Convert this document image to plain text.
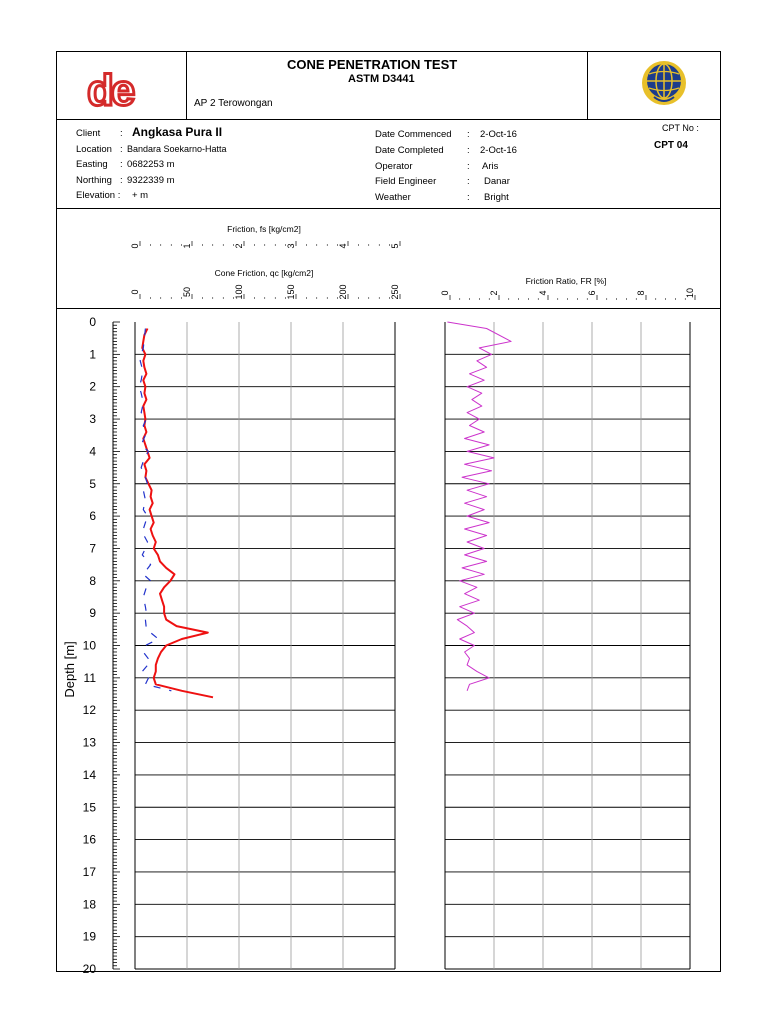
de
CONE PENETRATION TEST
ASTM D3441
AP 2 Terowongan
Client : Angkasa Pura II
Location : Bandara Soekarno-Hatta
Easting : 0682253 m
Northing : 9322339 m
Elevation : + m
Date Commenced : 2-Oct-16
Date Completed : 2-Oct-16
Operator	: Aris
Field Engineer	: Danar
Weather	: Bright
CPT No :
CPT 04
0
1
2
3
4
5
6
7
8
9
10
11
12
13
14
15
16
17
18
19
20
Depth [m]
0	1	2	3	4	5
Friction, fs [kg/cm2]
0	50	100	150	200	250
Cone Friction, qc [kg/cm2]
0	2	4	6	8	10
Friction Ratio, FR [%]
